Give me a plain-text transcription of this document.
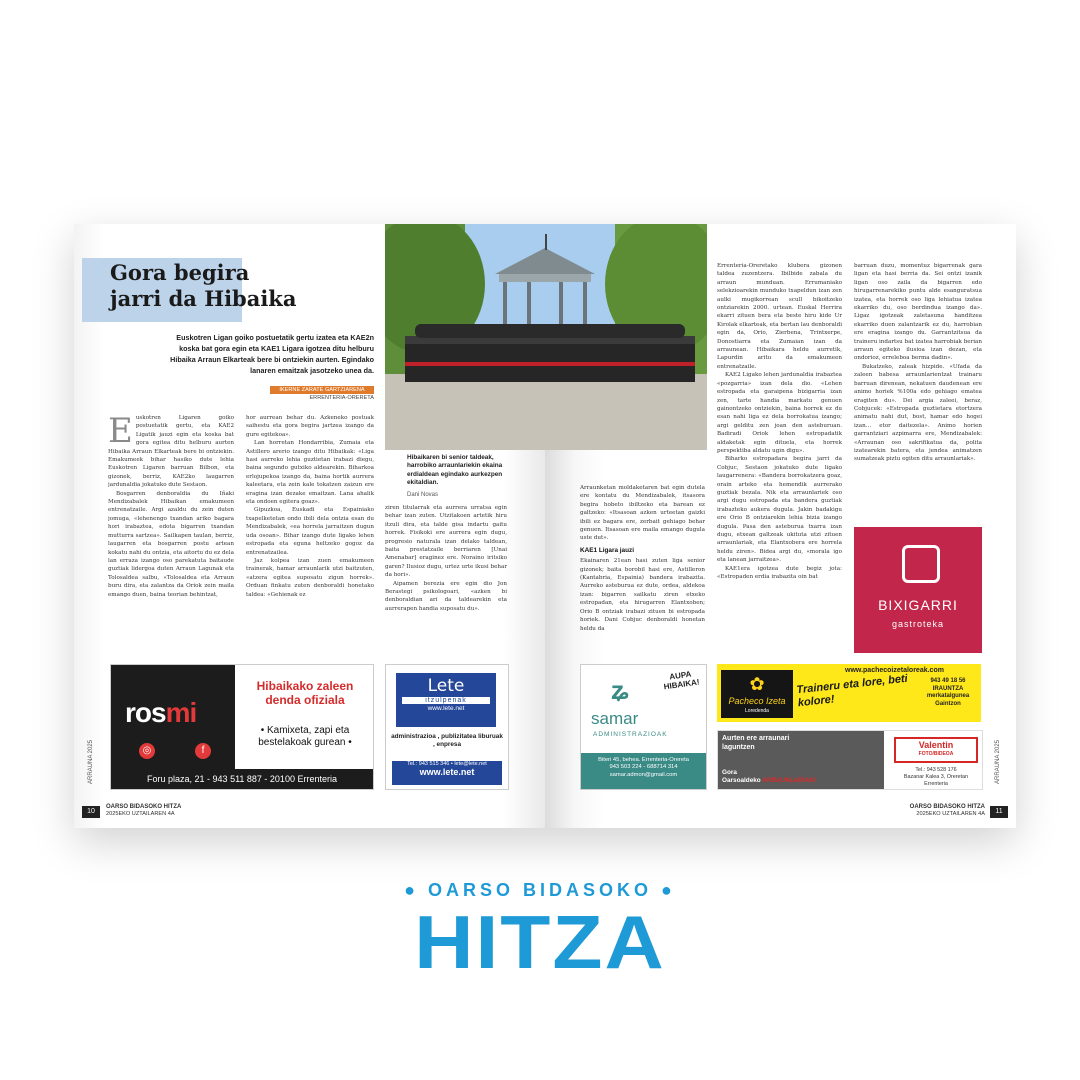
Gora begira
jarri da Hibaika
Euskotren Ligan goiko postuetatik gertu izatea eta KAE2n koska bat gora egin eta KAE1 Ligara igotzea ditu helburu Hibaika Arraun Elkarteak bere bi ontziekin aurten. Egindako lanaren emaitzak jasotzeko unea da.
IKERNE ZARATE GARTZIARENA
ERRENTERIA-ORERETA

Euskotren Ligaren goiko postuetatik gertu, eta KAE2 Ligatik jauzi egin eta koska bat gora egitea ditu helburu aurten Hibaika Arraun Elkarteak bere bi ontziekin. Emakumeek bihar hasiko dute lehia Euskotren Ligaren barruan Bilbon, eta gizonek, berriz, KAE2ko laugarren jardunaldia jokatuko dute Sestaon.

Bosgarren denboraldia du Iñaki Mendizabalek Hibaikan emakumeen entrenatzaile. Argi azaldu du zein duten jomuga, «lehenengo txandan ariko bagara hori irabaztea, edota bigarren txandan mutturra sartzea». Sailkapen taulan, berriz, laugarren eta bosgarren postu artean kokatu nahi du ontzia, eta aitortu du ez dela lan erraza izango oso parekatuta baitaude guztiak lidergoa duten Arraun Lagunak eta Tolosaldea salbu, «Tolosaldea eta Arraun buru dira, eta zalantza da Oriok zein maila emango duen, baina teorian behintzat,

hor aurrean behar du. Azkeneko postuak saihestu eta gora begira jartzea izango da gure egitekoa».

Lan horretan Hondarribia, Zumaia eta Astillero arerio izango ditu Hibaikak: «Liga hasi aurreko lehia guztietan irabazi diegu, baina segundo gutxiko aldearekin. Biharkoa erlojupekoa izango da, baina hortik aurrera kaleetara, eta zein kale tokatzen zaizun ere eragina izan dezake emaitzan. Lana ahalik eta ondoen egitera goaz».

Gipuzkoa, Euskadi eta Espainiako txapelketetan ondo ibili dela ontzia esan du Mendizabalek, «ea horrela jarraitzen dugun uda osoan». Bihar izango dute ligako lehen estropada eta eguna heltzeko gogoz da entrenatzailea.

Jaz kolpea izan zuen emakumeen trainerak, hamar arraunlarik utzi baitzuten, «atzera egitea suposatu zigun horrek». Orduan finkatu zuten denboraldi honetako taldea: «Gehienak ez

ziren titularrak eta aurrera urratsa egin behar izan zuten. Utzitakoen artetik hiru itzuli dira, eta talde gisa indartu gaitu horrek. Fisikoki ere aurrera egin dugu, progresio naturala izan delako taldean, baita prestatzaile berriaren [Unai Amenabar] eraginez ere. Noraino iritsiko garen? Ilusioz dugu, urtez urte ikusi behar da hori».

Aipamen berezia ere egin dio Jon Berastegi psikologoari, «azken bi denboraldian ari da taldearekin eta aurrerapen handia suposatu du».

rosmi
◎	f
Hibaikako zaleen denda ofiziala
• Kamixeta, zapi eta bestelakoak gurean •
Foru plaza, 21 - 943 511 887 - 20100 Errenteria
Lete
itzulpenak
www.lete.net
administrazioa , publizitatea liburuak , enpresa
Tel.: 943 515 346 • lete@lete.net
www.lete.net
10
OARSO BIDASOKO HITZA
2025EKO UZTAILAREN 4A
ARRAUNA 2025

Arraunketan moldaketaren bat egin dutela ere kontatu du Mendizabalek, itsasora begira hobeto ibiltzeko eta barean ez galtzeko: «Itsasoan azken urteetan gaizki ibili ez bagara ere, zerbait gehiago behar genuen. Itsasoan ere maila emango dugula uste dut».

KAE1 Ligara jauzi

Ekainaren 21ean hasi zuten liga senior gizonek; baita borobil hasi ere, Astilleron (Kantabria, Espainia) bandera irabazita. Aurreko asteburua ez dute, ordea, aldekoa izan: bigarren sailkatu ziren etxeko estropadan, eta hirugarren Elantxoben; Orio B ontziak irabazi zituen bi estropada horiek. Dani Cobjuc denboraldi honetan heldu da

Errenteria-Oreretako klubera gizonen taldea zuzentzera. Ibilbide zabala du arraun munduan. Errumaniako selekzioarekin munduko txapeldun izan zen aulki mugikorrean scull bikoitzeko ontziarekin 2000. urtean. Euskal Herrira ekarri zituen bera eta beste hiru kide Ur Kirolak elkarteak, eta bertan lau denboraldi egin da, Orio, Zierbena, Trintxerpe, Donostiarra eta Zumaian izan da arraunean. Hibaikara heldu aurretik, Lapurdin aritu da emakumeen entrenatzaile.

KAE2 Ligako lehen jardunaldia irabaztea «pozgarria» izan dela dio. «Lehen estropada eta garaipena bizigarria izan zen, tarte handia markatu genuen gainontzeko ontziekin, baina horrek ez du esan nahi liga ez dela borrokatua izango; argi gelditu zen joan den asteburuan. Badiradi Oriok lehen estropadatik aldaketak egin dituela, eta horrek perspektiba aldatu ugin digu».

Biharko estropadara begira jarri da Cobjuc, Sestaon jokatuko dute ligako laugarrenera: «Bandera borrokatzera goaz, orain arteko eta hemendik aurrerako guztiak bezala. Nik eta arraunlariek oso argi dugu estropada eta bandera guztiak irabazteko aukera dugula. Jakin badakigu ere Orio B ontziarekin lehia bizia izango dugula. Pasa den asteburua txarra izan dugu, etxean galtzeak ukituta utzi zituen arraunlariak, eta Elantxobera ere horrela heldu ziren». Bidea argi du, «morala igo eta lanean jarraitzea».

KAE1era igotzea dute begiz jota: «Estropaden erdia irabazita oin bat

barruan duzu, momentuz bigarrenak gara ligan eta hasi berria da. Sei ontzi izanik ligan oso zaila da bigarren edo hirugarrenarekiko puntu alde esanguratsua izatea, eta horrek oso liga lehiatua izatea ekarriko du, oso berdindua izango da». Ligaz igotzeak zaletasuna handitzea ekarriko duen zalantzarik ez du, harrobian ere eragina izango du. Garrantzitsua da traineru indartsu bat izatea harrobiak berian arraun egiteko ilusioa izan dezan, eta ondorioz, erreleboa berma dadin».

Bukatzeko, zaleak hizpide. «Ufada da zaleen babesa arraunlarientzat trainaru barruan direnean, nekatuen daudenean ere animo horiek %100a edo gehiago ematea eragiten du». Dei argia zaleei, beraz, Cobjucek: «Estropada guztietara etortzera animatu nahi dut, bost, hamar edo hogei izan… etor daitezela». Animo horien garrantziari azpimarra ere, Mendizabalek: «Arraunan oso sakrifikatua da, polita izatearekin batera, eta jendea animatzen sumatzeak piztu egiten ditu arraunlariak».

11
OARSO BIDASOKO HITZA
2025EKO UZTAILAREN 4A
ARRAUNA 2025
Hibaikaren bi senior taldeak, harrobiko arraunlariekin ekaina erdialdean egindako aurkezpen ekitaldian.
Dani Novas
ʑ
samar
ADMINISTRAZIOAK
AUPA HIBAIKA!
Biteri 45, behea. Errenteria-Orereta
943 503 224 - 688714 314
samar.admon@gmail.com
BIXIGARRI
gastroteka
www.pachecoizetaloreak.com
✿
Pacheco Izeta
Loredenda
Traineru eta lore, beti kolore!
943 49 18 56
IRAUNTZA
merkatalgunea
Gaintzon
Aurten ere arraunari
laguntzen
Gora
Oarsoaldeko ARRAUNLARIAK!
Valentin
FOTO/BIDEOA
Tel.: 943 528 176
Bazanar Kalea 3, Oreretan Errenteria
● OARSO BIDASOKO ●
HITZA
